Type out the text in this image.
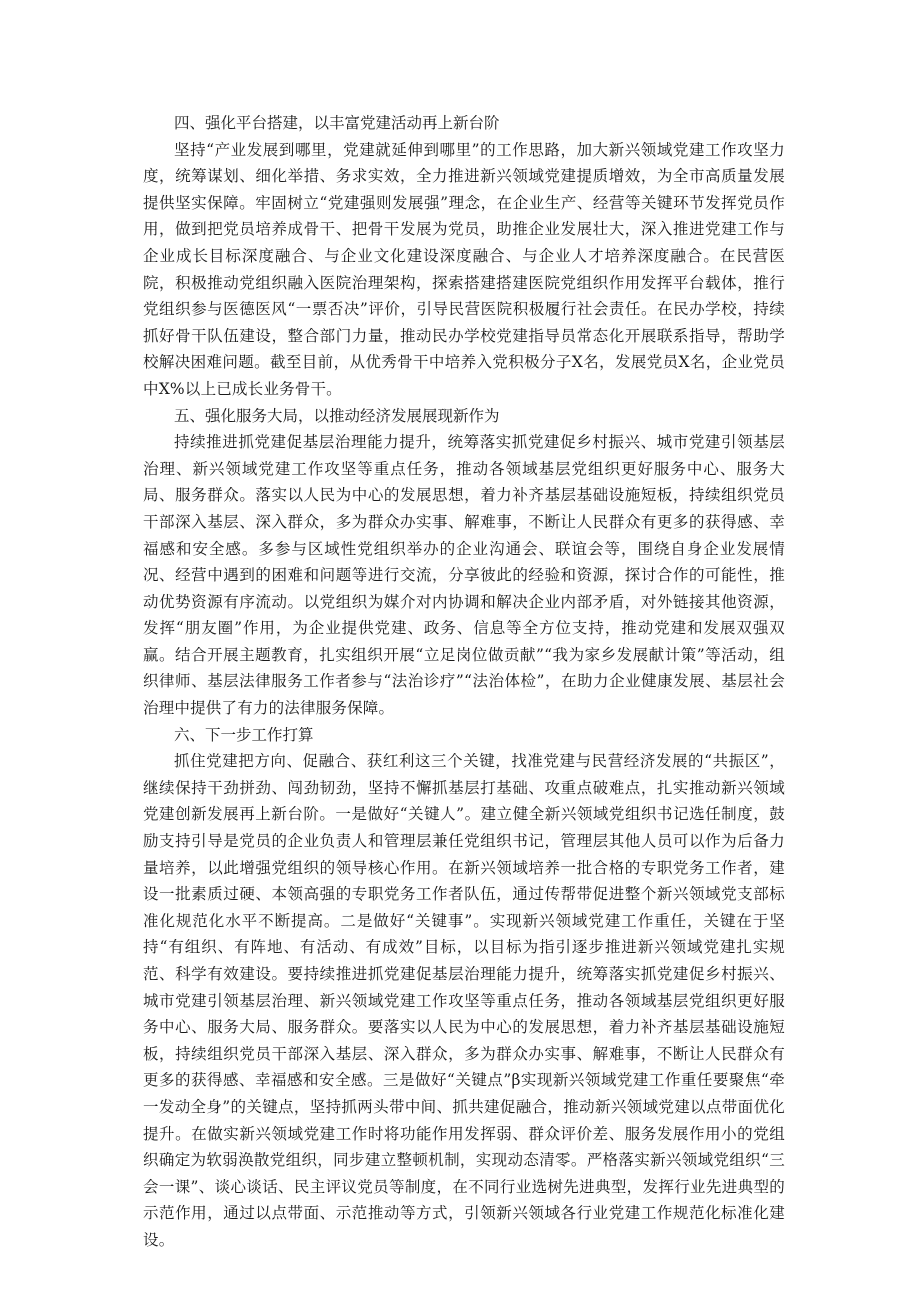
四、强化平台搭建，以丰富党建活动再上新台阶

坚持“产业发展到哪里，党建就延伸到哪里”的工作思路，加大新兴领域党建工作攻坚力度，统筹谋划、细化举措、务求实效，全力推进新兴领域党建提质增效，为全市高质量发展提供坚实保障。牢固树立“党建强则发展强”理念，在企业生产、经营等关键环节发挥党员作用，做到把党员培养成骨干、把骨干发展为党员，助推企业发展壮大，深入推进党建工作与企业成长目标深度融合、与企业文化建设深度融合、与企业人才培养深度融合。在民营医院，积极推动党组织融入医院治理架构，探索搭建搭建医院党组织作用发挥平台载体，推行党组织参与医德医风“一票否决”评价，引导民营医院积极履行社会责任。在民办学校，持续抓好骨干队伍建设，整合部门力量，推动民办学校党建指导员常态化开展联系指导，帮助学校解决困难问题。截至目前，从优秀骨干中培养入党积极分子X名，发展党员X名，企业党员中X%以上已成长业务骨干。

五、强化服务大局，以推动经济发展展现新作为

持续推进抓党建促基层治理能力提升，统筹落实抓党建促乡村振兴、城市党建引领基层治理、新兴领域党建工作攻坚等重点任务，推动各领域基层党组织更好服务中心、服务大局、服务群众。落实以人民为中心的发展思想，着力补齐基层基础设施短板，持续组织党员干部深入基层、深入群众，多为群众办实事、解难事，不断让人民群众有更多的获得感、幸福感和安全感。多参与区域性党组织举办的企业沟通会、联谊会等，围绕自身企业发展情况、经营中遇到的困难和问题等进行交流，分享彼此的经验和资源，探讨合作的可能性，推动优势资源有序流动。以党组织为媒介对内协调和解决企业内部矛盾，对外链接其他资源，发挥“朋友圈”作用，为企业提供党建、政务、信息等全方位支持，推动党建和发展双强双赢。结合开展主题教育，扎实组织开展“立足岗位做贡献”“我为家乡发展献计策”等活动，组织律师、基层法律服务工作者参与“法治诊疗”“法治体检”，在助力企业健康发展、基层社会治理中提供了有力的法律服务保障。

六、下一步工作打算

抓住党建把方向、促融合、获红利这三个关键，找准党建与民营经济发展的“共振区”，继续保持干劲拼劲、闯劲韧劲，坚持不懈抓基层打基础、攻重点破难点，扎实推动新兴领域党建创新发展再上新台阶。一是做好“关键人”。建立健全新兴领域党组织书记选任制度，鼓励支持引导是党员的企业负责人和管理层兼任党组织书记，管理层其他人员可以作为后备力量培养，以此增强党组织的领导核心作用。在新兴领域培养一批合格的专职党务工作者，建设一批素质过硬、本领高强的专职党务工作者队伍，通过传帮带促进整个新兴领域党支部标准化规范化水平不断提高。二是做好“关键事”。实现新兴领域党建工作重任，关键在于坚持“有组织、有阵地、有活动、有成效”目标，以目标为指引逐步推进新兴领域党建扎实规范、科学有效建设。要持续推进抓党建促基层治理能力提升，统筹落实抓党建促乡村振兴、城市党建引领基层治理、新兴领域党建工作攻坚等重点任务，推动各领域基层党组织更好服务中心、服务大局、服务群众。要落实以人民为中心的发展思想，着力补齐基层基础设施短板，持续组织党员干部深入基层、深入群众，多为群众办实事、解难事，不断让人民群众有更多的获得感、幸福感和安全感。三是做好“关键点”β实现新兴领域党建工作重任要聚焦“牵一发动全身”的关键点，坚持抓两头带中间、抓共建促融合，推动新兴领域党建以点带面优化提升。在做实新兴领域党建工作时将功能作用发挥弱、群众评价差、服务发展作用小的党组织确定为软弱涣散党组织，同步建立整顿机制，实现动态清零。严格落实新兴领域党组织“三会一课”、谈心谈话、民主评议党员等制度，在不同行业选树先进典型，发挥行业先进典型的示范作用，通过以点带面、示范推动等方式，引领新兴领域各行业党建工作规范化标准化建设。
